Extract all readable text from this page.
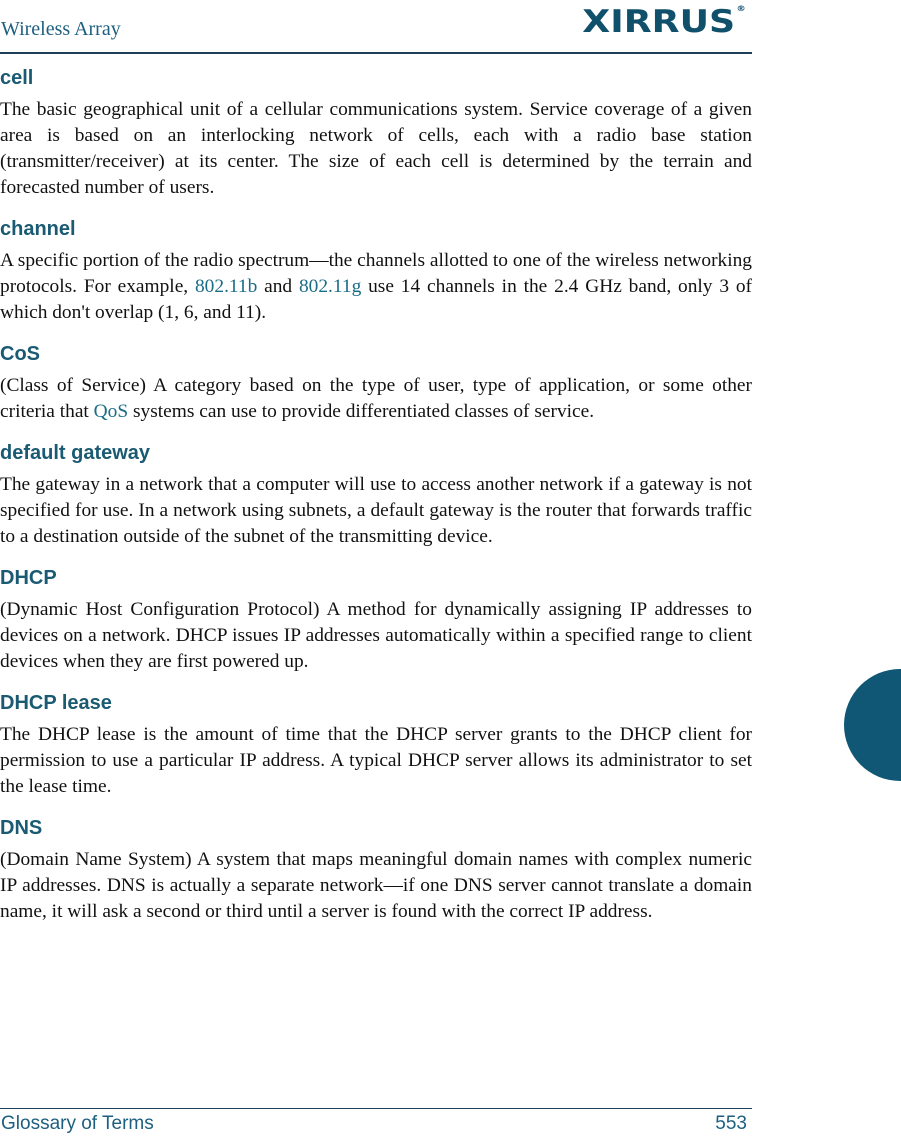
Wireless Array	XIRRUS®
cell

The basic geographical unit of a cellular communications system. Service coverage of a given area is based on an interlocking network of cells, each with a radio base station (transmitter/receiver) at its center. The size of each cell is determined by the terrain and forecasted number of users.

channel

A specific portion of the radio spectrum—the channels allotted to one of the wireless networking protocols. For example, 802.11b and 802.11g use 14 channels in the 2.4 GHz band, only 3 of which don't overlap (1, 6, and 11).

CoS

(Class of Service) A category based on the type of user, type of application, or some other criteria that QoS systems can use to provide differentiated classes of service.

default gateway

The gateway in a network that a computer will use to access another network if a gateway is not specified for use. In a network using subnets, a default gateway is the router that forwards traffic to a destination outside of the subnet of the transmitting device.

DHCP

(Dynamic Host Configuration Protocol) A method for dynamically assigning IP addresses to devices on a network. DHCP issues IP addresses automatically within a specified range to client devices when they are first powered up.

DHCP lease

The DHCP lease is the amount of time that the DHCP server grants to the DHCP client for permission to use a particular IP address. A typical DHCP server allows its administrator to set the lease time.

DNS

(Domain Name System) A system that maps meaningful domain names with complex numeric IP addresses. DNS is actually a separate network—if one DNS server cannot translate a domain name, it will ask a second or third until a server is found with the correct IP address.

Glossary of Terms	553
